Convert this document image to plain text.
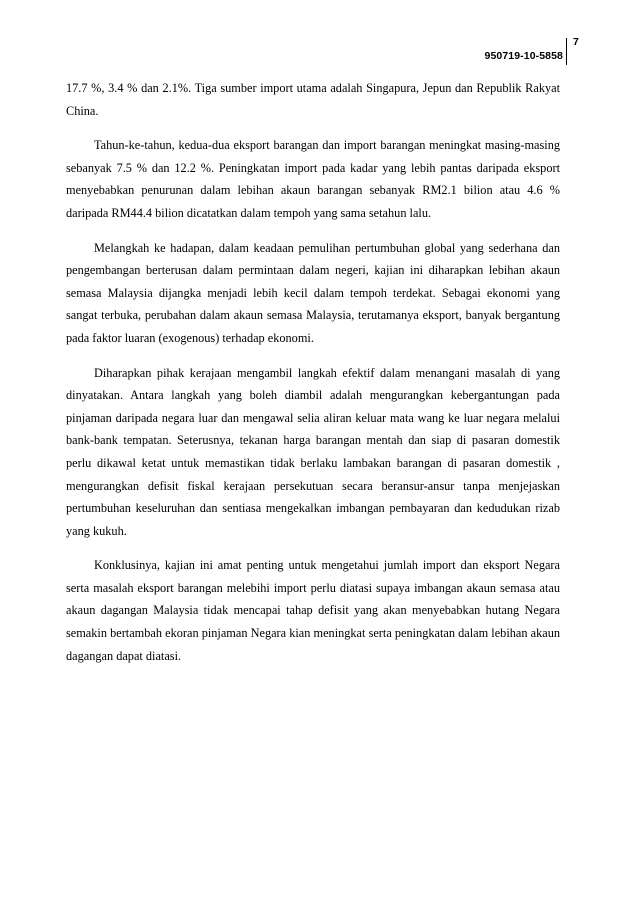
950719-10-5858
7

17.7 %, 3.4 % dan 2.1%. Tiga sumber import utama adalah Singapura, Jepun dan Republik Rakyat China.

Tahun-ke-tahun, kedua-dua eksport barangan dan import barangan meningkat masing-masing sebanyak 7.5 % dan 12.2 %. Peningkatan import pada kadar yang lebih pantas daripada eksport menyebabkan penurunan dalam lebihan akaun barangan sebanyak RM2.1 bilion atau 4.6 % daripada RM44.4 bilion dicatatkan dalam tempoh yang sama setahun lalu.

Melangkah ke hadapan, dalam keadaan pemulihan pertumbuhan global yang sederhana dan pengembangan berterusan dalam permintaan dalam negeri, kajian ini diharapkan lebihan akaun semasa Malaysia dijangka menjadi lebih kecil dalam tempoh terdekat. Sebagai ekonomi yang sangat terbuka, perubahan dalam akaun semasa Malaysia, terutamanya eksport, banyak bergantung pada faktor luaran (exogenous) terhadap ekonomi.

Diharapkan pihak kerajaan mengambil langkah efektif dalam menangani masalah di yang dinyatakan. Antara langkah yang boleh diambil adalah mengurangkan kebergantungan pada pinjaman daripada negara luar dan mengawal selia aliran keluar mata wang ke luar negara melalui bank-bank tempatan. Seterusnya, tekanan harga barangan mentah dan siap di pasaran domestik perlu dikawal ketat untuk memastikan tidak berlaku lambakan barangan di pasaran domestik , mengurangkan defisit fiskal kerajaan persekutuan secara beransur-ansur tanpa menjejaskan pertumbuhan keseluruhan dan sentiasa mengekalkan imbangan pembayaran dan kedudukan rizab yang kukuh.

Konklusinya, kajian ini amat penting untuk mengetahui jumlah import dan eksport Negara serta masalah eksport barangan melebihi import perlu diatasi supaya imbangan akaun semasa atau akaun dagangan Malaysia tidak mencapai tahap defisit yang akan menyebabkan hutang Negara semakin bertambah ekoran pinjaman Negara kian meningkat serta peningkatan dalam lebihan akaun dagangan dapat diatasi.
